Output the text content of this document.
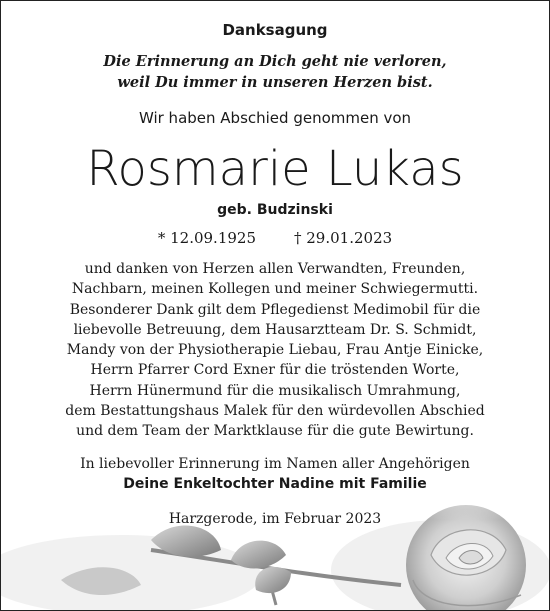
Danksagung
Die Erinnerung an Dich geht nie verloren,
weil Du immer in unseren Herzen bist.
Wir haben Abschied genommen von
Rosmarie Lukas
geb. Budzinski
* 12.09.1925	† 29.01.2023
und danken von Herzen allen Verwandten, Freunden,
Nachbarn, meinen Kollegen und meiner Schwiegermutti.
Besonderer Dank gilt dem Pflegedienst Medimobil für die
liebevolle Betreuung, dem Hausarztteam Dr. S. Schmidt,
Mandy von der Physiotherapie Liebau, Frau Antje Einicke,
Herrn Pfarrer Cord Exner für die tröstenden Worte,
Herrn Hünermund für die musikalisch Umrahmung,
dem Bestattungshaus Malek für den würdevollen Abschied
und dem Team der Marktklause für die gute Bewirtung.
In liebevoller Erinnerung im Namen aller Angehörigen
Deine Enkeltochter Nadine mit Familie
Harzgerode, im Februar 2023
